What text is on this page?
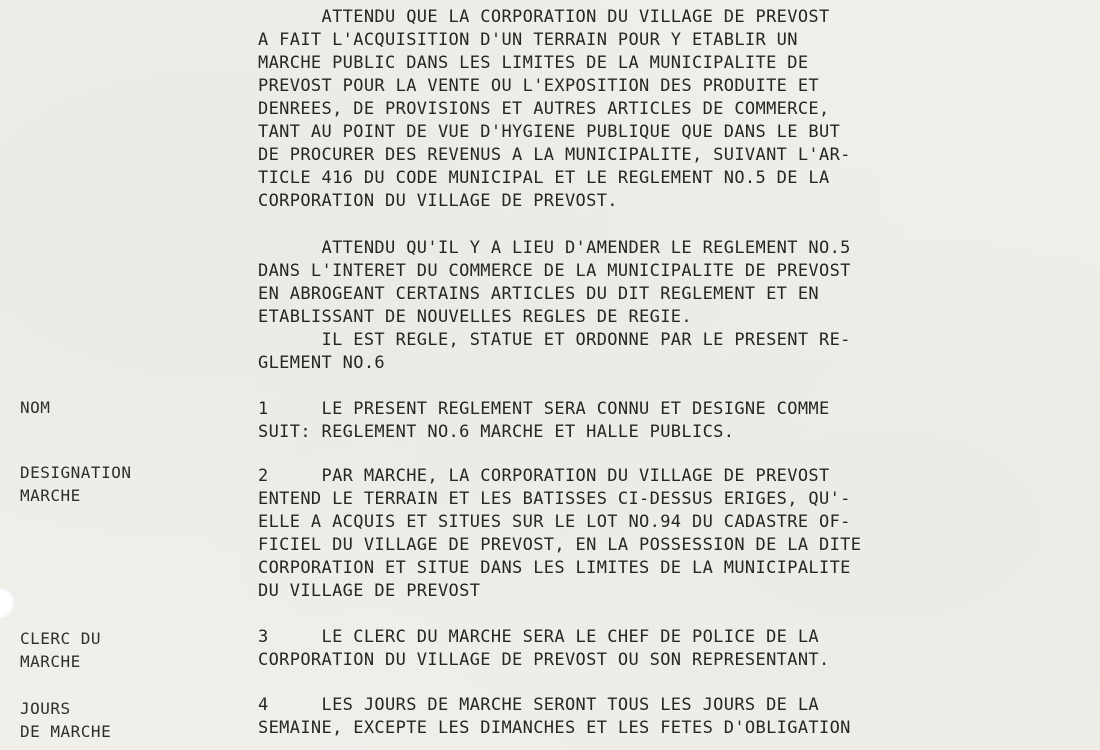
ATTENDU QUE LA CORPORATION DU VILLAGE DE PREVOST
A FAIT L'ACQUISITION D'UN TERRAIN POUR Y ETABLIR UN
MARCHE PUBLIC DANS LES LIMITES DE LA MUNICIPALITE DE
PREVOST POUR LA VENTE OU L'EXPOSITION DES PRODUITE ET
DENREES, DE PROVISIONS ET AUTRES ARTICLES DE COMMERCE,
TANT AU POINT DE VUE D'HYGIENE PUBLIQUE QUE DANS LE BUT
DE PROCURER DES REVENUS A LA MUNICIPALITE, SUIVANT L'AR-
TICLE 416 DU CODE MUNICIPAL ET LE REGLEMENT NO.5 DE LA
CORPORATION DU VILLAGE DE PREVOST.
ATTENDU QU'IL Y A LIEU D'AMENDER LE REGLEMENT NO.5
DANS L'INTERET DU COMMERCE DE LA MUNICIPALITE DE PREVOST
EN ABROGEANT CERTAINS ARTICLES DU DIT REGLEMENT ET EN
ETABLISSANT DE NOUVELLES REGLES DE REGIE.
IL EST REGLE, STATUE ET ORDONNE PAR LE PRESENT RE-
GLEMENT NO.6
NOM	1     LE PRESENT REGLEMENT SERA CONNU ET DESIGNE COMME
SUIT: REGLEMENT NO.6 MARCHE ET HALLE PUBLICS.
DESIGNATION
MARCHE
2     PAR MARCHE, LA CORPORATION DU VILLAGE DE PREVOST
ENTEND LE TERRAIN ET LES BATISSES CI-DESSUS ERIGES, QU'-
ELLE A ACQUIS ET SITUES SUR LE LOT NO.94 DU CADASTRE OF-
FICIEL DU VILLAGE DE PREVOST, EN LA POSSESSION DE LA DITE
CORPORATION ET SITUE DANS LES LIMITES DE LA MUNICIPALITE
DU VILLAGE DE PREVOST
CLERC DU
MARCHE
3     LE CLERC DU MARCHE SERA LE CHEF DE POLICE DE LA
CORPORATION DU VILLAGE DE PREVOST OU SON REPRESENTANT.
JOURS
DE MARCHE
4     LES JOURS DE MARCHE SERONT TOUS LES JOURS DE LA
SEMAINE, EXCEPTE LES DIMANCHES ET LES FETES D'OBLIGATION
